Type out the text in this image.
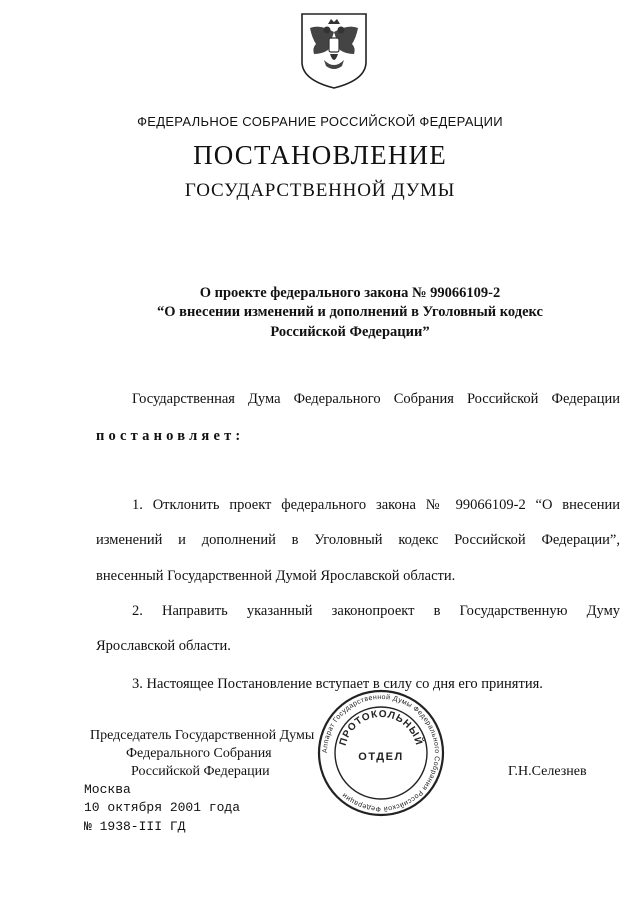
ФЕДЕРАЛЬНОЕ СОБРАНИЕ РОССИЙСКОЙ ФЕДЕРАЦИИ
ПОСТАНОВЛЕНИЕ
ГОСУДАРСТВЕННОЙ ДУМЫ
О проекте федерального закона № 99066109-2
“О внесении изменений и дополнений в Уголовный кодекс
Российской Федерации”
Государственная Дума Федерального Собрания Российской Федерации
постановляет:
1. Отклонить проект федерального закона № 99066109-2 “О внесении
изменений и дополнений в Уголовный кодекс Российской Федерации”,
внесенный Государственной Думой Ярославской области.
2. Направить указанный законопроект в Государственную Думу
Ярославской области.
3. Настоящее Постановление вступает в силу со дня его принятия.
Председатель Государственной Думы
Федерального Собрания
Российской Федерации	Г.Н.Селезнев
Аппарат Государственной Думы Федерального Собрания Российской Федерации
ПРОТОКОЛЬНЫЙ
ОТДЕЛ
Москва
10 октября 2001 года
№ 1938-III ГД
